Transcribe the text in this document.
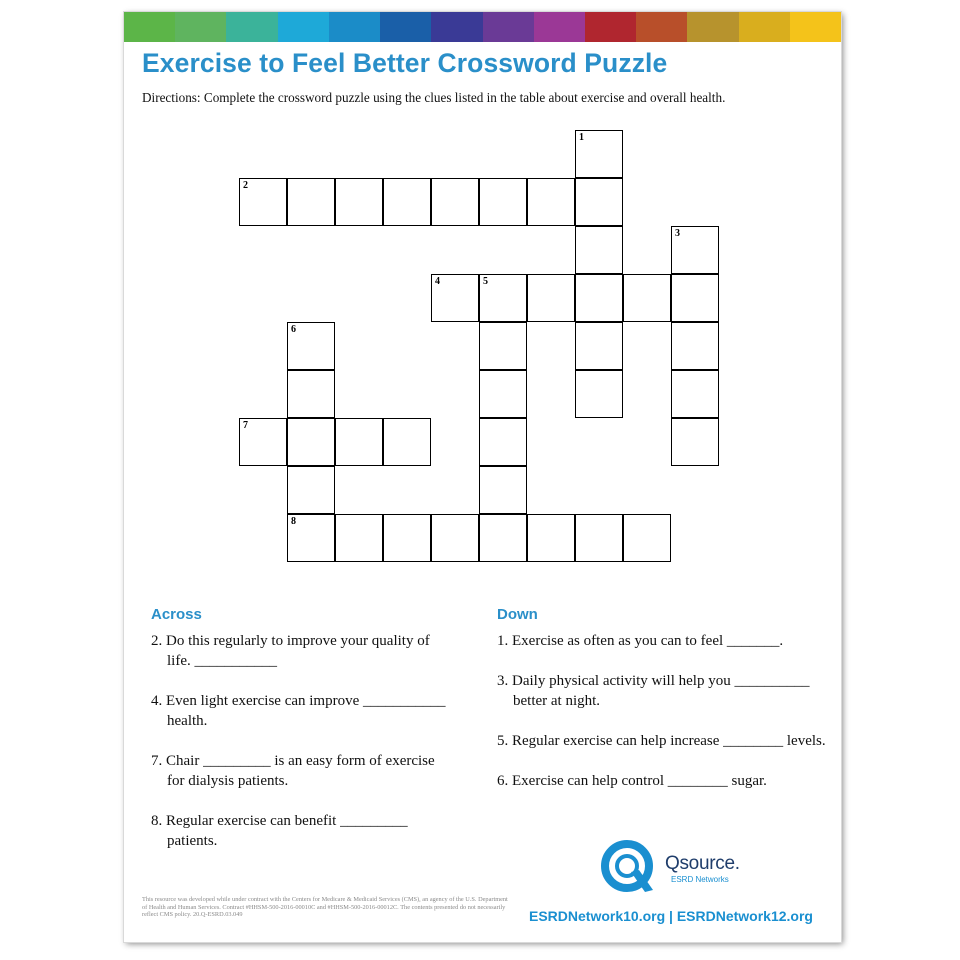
Exercise to Feel Better Crossword Puzzle
Directions: Complete the crossword puzzle using the clues listed in the table about exercise and overall health.
1
2
3
4	5
6
7
8
Across
2. Do this regularly to improve your quality of life. ___________
4. Even light exercise can improve ___________ health.
7. Chair _________ is an easy form of exercise for dialysis patients.
8. Regular exercise can benefit _________ patients.
Down
1. Exercise as often as you can to feel _______.
3. Daily physical activity will help you __________ better at night.
5. Regular exercise can help increase ________ levels.
6. Exercise can help control ________ sugar.
This resource was developed while under contract with the Centers for Medicare & Medicaid Services (CMS), an agency of the U.S. Department of Health and Human Services. Contract #HHSM-500-2016-00010C and #HHSM-500-2016-00012C. The contents presented do not necessarily reflect CMS policy. 20.Q-ESRD.03.049
Qsource.
ESRD Networks
ESRDNetwork10.org | ESRDNetwork12.org
